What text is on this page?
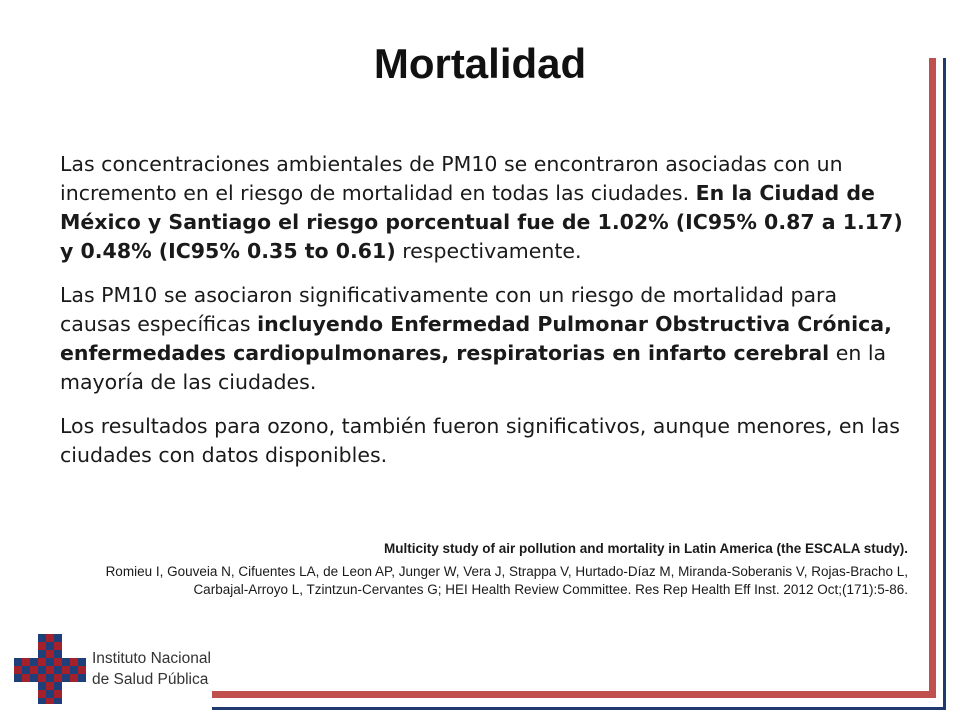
Mortalidad

Las concentraciones ambientales de PM10 se encontraron asociadas con un incremento en el riesgo de mortalidad en todas las ciudades. En la Ciudad de México y Santiago el riesgo porcentual fue de 1.02% (IC95% 0.87 a 1.17) y 0.48% (IC95% 0.35 to 0.61) respectivamente.

Las PM10 se asociaron significativamente con un riesgo de mortalidad para causas específicas incluyendo Enfermedad Pulmonar Obstructiva Crónica, enfermedades cardiopulmonares, respiratorias en infarto cerebral en la mayoría de las ciudades.

Los resultados para ozono, también fueron significativos, aunque menores, en las ciudades con datos disponibles.

Multicity study of air pollution and mortality in Latin America (the ESCALA study).
Romieu I, Gouveia N, Cifuentes LA, de Leon AP, Junger W, Vera J, Strappa V, Hurtado-Díaz M, Miranda-Soberanis V, Rojas-Bracho L, Carbajal-Arroyo L, Tzintzun-Cervantes G; HEI Health Review Committee. Res Rep Health Eff Inst. 2012 Oct;(171):5-86.
Instituto Nacional
de Salud Pública
